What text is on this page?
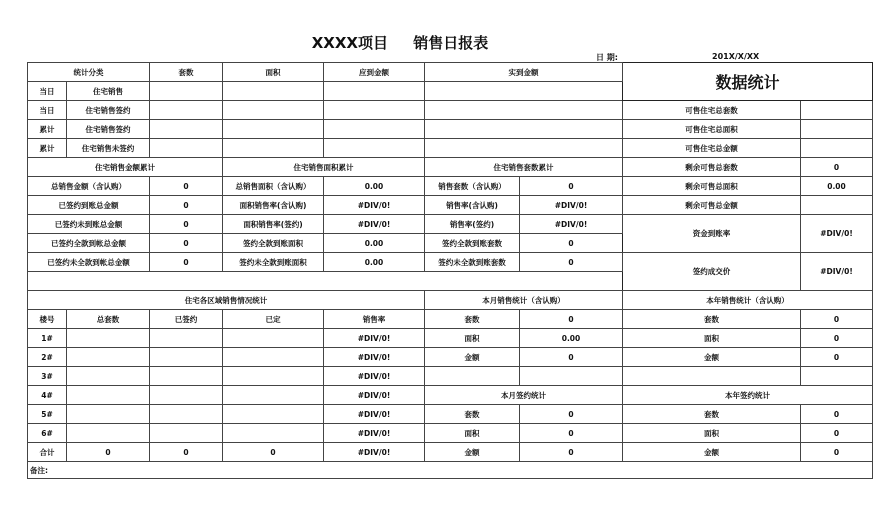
XXXX项目 销售日报表
日 期:	201X/X/XX
统计分类		套数	面积	应到金额	实到金额		数据统计	
当日	住宅销售							
当日	住宅销售签约						可售住宅总套数	
累计	住宅销售签约						可售住宅总面积	
累计	住宅销售未签约						可售住宅总金额	
住宅销售金额累计			住宅销售面积累计		住宅销售套数累计		剩余可售总套数	0
总销售金额（含认购）		0	总销售面积（含认购）	0.00	销售套数（含认购）	0	剩余可售总面积	0.00
已签约到账总金额		0	面积销售率(含认购)	#DIV/0!	销售率(含认购)	#DIV/0!	剩余可售总金额	
已签约未到账总金额		0	面积销售率(签约)	#DIV/0!	销售率(签约)	#DIV/0!	资金到账率	#DIV/0!
已签约全款到帐总金额		0	签约全款到账面积	0.00	签约全款到账套数	0		
已签约未全款到帐总金额		0	签约未全款到账面积	0.00	签约未全款到账套数	0	签约成交价	#DIV/0!

住宅各区域销售情况统计					本月销售统计（含认购）		本年销售统计（含认购）	
楼号	总套数	已签约	已定	销售率	套数	0	套数	0
1#				#DIV/0!	面积	0.00	面积	0
2#				#DIV/0!	金额	0	金额	0
3#				#DIV/0!				
4#				#DIV/0!	本月签约统计		本年签约统计	
5#				#DIV/0!	套数	0	套数	0
6#				#DIV/0!	面积	0	面积	0
合计	0	0	0	#DIV/0!	金额	0	金额	0
备注:								
